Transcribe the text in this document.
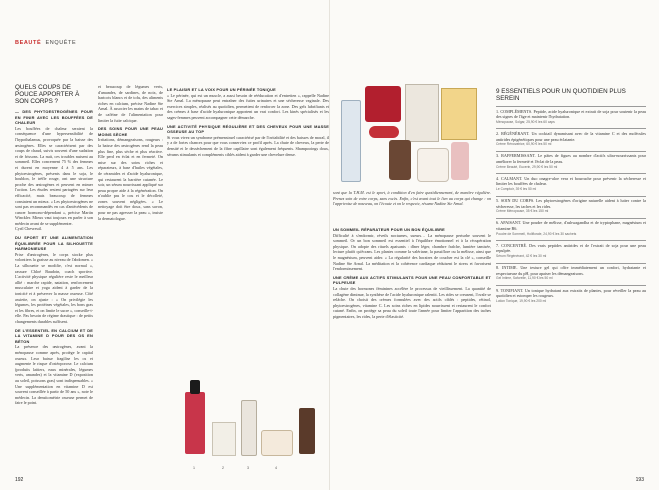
BEAUTÉ ENQUÊTE
QUELS COUPS DE POUCE APPORTER À SON CORPS ?
— DES PHYTOESTROGÈNES POUR EN FINIR AVEC LES BOUFFÉES DE CHALEUR

Les bouffées de chaleur seraient la conséquence d'une hypersensibilité de l'hypothalamus, provoquée par la baisse des œstrogènes. Elles se caractérisent par des coups de chaud, suivis souvent d'une sudation et de frissons. La nuit, ces troubles nuisent au sommeil. Elles concernent 75 % des femmes et durent en moyenne 4 à 5 ans. Les phytoestrogènes, présents dans le soja, le houblon, le trèfle rouge, ont une structure proche des œstrogènes et peuvent en mimer l'action. Les études restent partagées sur leur efficacité, mais beaucoup de femmes constatent un mieux. « Les phytoestrogènes ne sont pas recommandés en cas d'antécédents de cancer hormono-dépendant », précise Martin Winckler. Mieux vaut toujours en parler à son médecin avant de se supplémenter.

Cyril Chevreuil.

DU SPORT ET UNE ALIMENTATION ÉQUILIBRÉE POUR LA SILHOUETTE HARMONIEUSE

Prise d'œstrogènes, le corps stocke plus volontiers la graisse au niveau de l'abdomen. « La silhouette se modifie, c'est normal », rassure Chloé Baudoin, coach sportive. L'activité physique régulière reste le meilleur allié : marche rapide, natation, renforcement musculaire et yoga aident à garder de la tonicité et à préserver la masse osseuse. Côté assiette, on ajuste : « On privilégie les légumes, les protéines végétales, les bons gras et les fibres, et on limite le sucre », conseille-t-elle. Pas besoin de régime drastique : de petits changements durables suffisent.

DE L'ESSENTIEL EN CALCIUM ET DE LA VITAMINE D POUR DES OS EN BÉTON

La présence des œstrogènes, avant la ménopause comme après, protège le capital osseux. Leur baisse fragilise les os et augmente le risque d'ostéoporose. Le calcium (produits laitiers, eaux minérales, légumes verts, amandes) et la vitamine D (exposition au soleil, poissons gras) sont indispensables. « Une supplémentation en vitamine D est souvent conseillée à partir de 50 ans », note le médecin. La densitométrie osseuse permet de faire le point.

et beaucoup de légumes verts, d'amandes, de sardines, de noix, de haricots blancs et de tofu, des aliments riches en calcium, précise Nadine Ste Arnal. À associer les mains de tabac et de caféine de l'alimentation pour limiter la fuite calcique.

DES SOINS POUR UNE PEAU MOINS SÈCHE

Irritations, démangeaisons, rougeurs : la baisse des œstrogènes rend la peau plus fine, plus sèche et plus réactive. Elle perd en éclat et en fermeté. On mise sur des soins riches et réparateurs, à base d'huiles végétales, de céramides et d'acide hyaluronique, qui restaurent la barrière cutanée. Le soir, un sérum nourrissant appliqué sur peau propre aide à la régénération. On n'oublie pas le cou et le décolleté, zones souvent négligées. « Le nettoyage doit être doux, sans savon, pour ne pas agresser la peau », insiste la dermatologue.

LE PLAISIR ET LA VOIX POUR UN PÉRINÉE TONIQUE

« Le périnée, qui est un muscle, a aussi besoin de rééducation et d'entretien », rappelle Nadine Ste Arnal. La ménopause peut entraîner des fuites urinaires et une sécheresse vaginale. Des exercices simples, réalisés au quotidien, permettent de renforcer la zone. Des gels lubrifiants et des crèmes à base d'acide hyaluronique apportent un vrai confort. Les kinés spécialisés et les sages-femmes peuvent accompagner cette démarche.

UNE ACTIVITÉ PHYSIQUE RÉGULIÈRE ET DES CHEVEUX POUR UNE MASSE OSSEUSE AU TOP

Si vous vivez un syndrome prémenstruel caractérisé par de l'irritabilité et des baisses de moral, il y a de fortes chances pour que vous conserviez ce profil après. La chute de cheveux, la perte de densité et le dessèchement de la fibre capillaire sont également fréquents. Shampooings doux, sérums stimulants et compléments ciblés aident à garder une chevelure dense.

1	2	3	4
192
sont que la T.H.M. est le sport, à condition d'en faire quotidiennement, de manière régulière. Prenez soin de votre corps, sans excès. Enfin, c'est avant tout le lien au corps qui change : on l'apprivoise de nouveau, on l'écoute et on le respecte, résume Nadine Ste Arnal.
UN SOMMEIL RÉPARATEUR POUR UN BON ÉQUILIBRE

Difficulté à s'endormir, réveils nocturnes, sueurs… La ménopause perturbe souvent le sommeil. Or un bon sommeil est essentiel à l'équilibre émotionnel et à la récupération physique. On adopte des rituels apaisants : dîner léger, chambre fraîche, lumière tamisée, lecture plutôt qu'écrans. Les plantes comme la valériane, la passiflore ou la mélisse, ainsi que le magnésium, peuvent aider. « La régularité des horaires de coucher est la clé », conseille Nadine Ste Arnal. La méditation et la cohérence cardiaque réduisent le stress et favorisent l'endormissement.

UNE CRÈME AUX ACTIFS STIMULANTS POUR UNE PEAU CONFORTABLE ET PULPEUSE

La chute des hormones féminines accélère le processus de vieillissement. La quantité de collagène diminue, la synthèse de l'acide hyaluronique ralentit. Les rides se creusent, l'ovale se relâche. On choisit des crèmes formulées avec des actifs ciblés : peptides, rétinol, phytoestrogènes, vitamine C. Les soins riches en lipides nourrissent et restaurent le confort cutané. Enfin, on protège sa peau du soleil toute l'année pour limiter l'apparition des taches pigmentaires, les rides, la perte d'élasticité.

9 ESSENTIELS POUR UN QUOTIDIEN PLUS SEREIN

1. COMPLÉMENTS. Peptide, acide hyaluronique et extrait de soja pour soutenir la peau des signes de l'âge et maintenir l'hydratation.

Ménopause, Solgar, 25,90 € les 60 caps

2. RÉGÉNÉRANT. Un cocktail dynamisant avec de la vitamine C et des molécules antirides épigénétiques pour une peau éclatante.

Crème Rénovatrice, 60,90 € les 50 ml

3. RAFFERMISSANT. Le pâtes de figues au nombre d'actifs ultra-nourrissants pour améliorer la fermeté et l'éclat de la peau.

Crème Beauté, Eucerin, 29,90 € les 50 ml

4. CALMANT. Un duo onagre-aloe vera et bourrache pour prévenir la sécheresse et limiter les bouffées de chaleur.

Le Comptoir, 39 € les 50 ml

5. SOIN DU CORPS. Les phytoestrogènes d'origine naturelle aident à lutter contre la sécheresse, les taches et les rides.

Crème Ménopause, 35 € les 150 ml

6. APAISANT. Une poudre de mélisse, d'ashwagandha et de tryptophane, magnésium et vitamine B6.

Poudre de Sommeil, Holiflorale, 24,90 € les 30 sachets

7. CONCENTRÉ. Des vrais peptides antirides et de l'extrait de soja pour une peau repulpée.

Sérum Régénérant, 42 € les 30 ml

8. INTIME. Une texture gel qui offre immédiatement un confort, hydratante et respectueuse du pH, pour apaiser les démangeaisons.

Gel Intime, Saforelle, 11,90 € les 50 ml

9. TONIFIANT. Un tonique hydratant aux extraits de plantes, pour réveiller la peau au quotidien et estomper les rougeurs.

Lotion Tonique, 19,90 € les 200 ml
193
